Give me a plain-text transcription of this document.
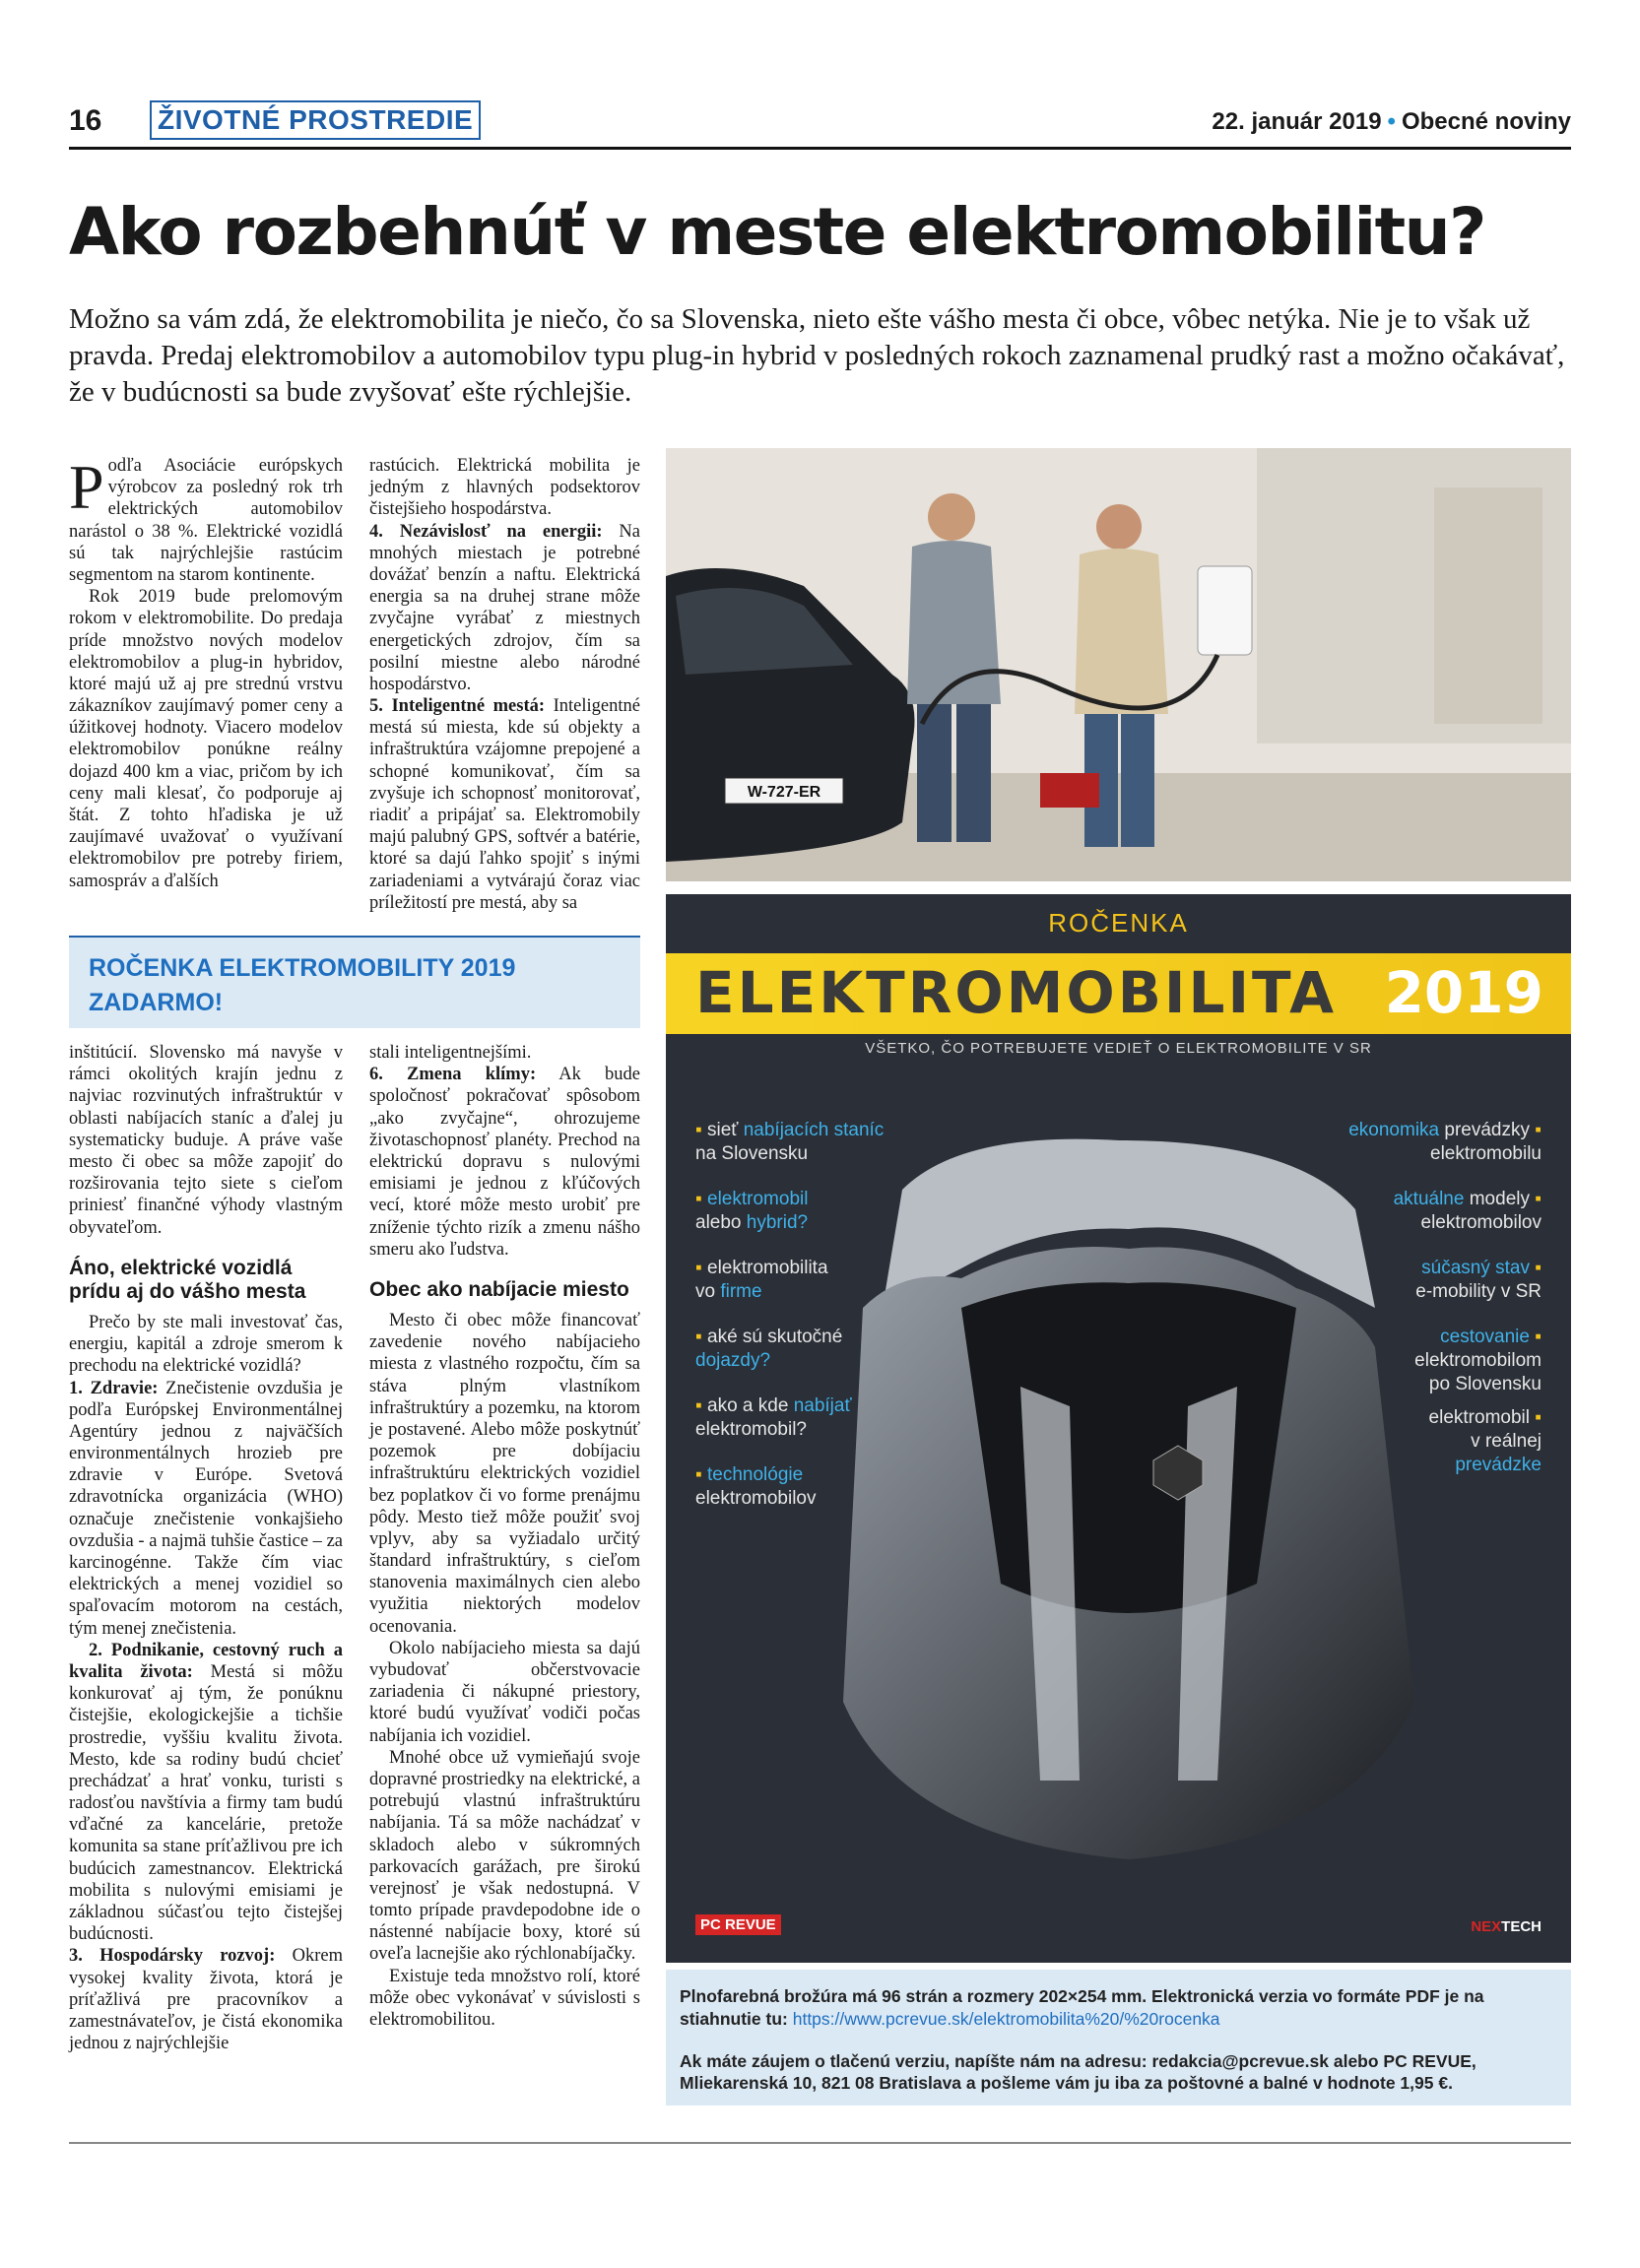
16 ŽIVOTNÉ PROSTREDIE	22. január 2019 • Obecné noviny
Ako rozbehnúť v meste elektromobilitu?

Možno sa vám zdá, že elektromobilita je niečo, čo sa Slovenska, nieto ešte vášho mesta či obce, vôbec netýka. Nie je to však už pravda. Predaj elektromobilov a automobilov typu plug-in hybrid v posledných rokoch zaznamenal prudký rast a možno očakávať, že v budúcnosti sa bude zvyšovať ešte rýchlejšie.

Podľa Asociácie európskych výrobcov za posledný rok trh elektrických automobilov narástol o 38 %. Elektrické vozidlá sú tak najrýchlejšie rastúcim segmentom na starom kontinente.

Rok 2019 bude prelomovým rokom v elektromobilite. Do predaja príde množstvo nových modelov elektromobilov a plug-in hybridov, ktoré majú už aj pre strednú vrstvu zákazníkov zaujímavý pomer ceny a úžitkovej hodnoty. Viacero modelov elektromobilov ponúkne reálny dojazd 400 km a viac, pričom by ich ceny mali klesať, čo podporuje aj štát. Z tohto hľadiska je už zaujímavé uvažovať o využívaní elektromobilov pre potreby firiem, samospráv a ďalších

rastúcich. Elektrická mobilita je jedným z hlavných podsektorov čistejšieho hospodárstva.

4. Nezávislosť na energii: Na mnohých miestach je potrebné dovážať benzín a naftu. Elektrická energia sa na druhej strane môže zvyčajne vyrábať z miestnych energetických zdrojov, čím sa posilní miestne alebo národné hospodárstvo.

5. Inteligentné mestá: Inteligentné mestá sú miesta, kde sú objekty a infraštruktúra vzájomne prepojené a schopné komunikovať, čím sa zvyšuje ich schopnosť monitorovať, riadiť a pripájať sa. Elektromobily majú palubný GPS, softvér a batérie, ktoré sa dajú ľahko spojiť s inými zariadeniami a vytvárajú čoraz viac príležitostí pre mestá, aby sa

ROČENKA ELEKTROMOBILITY 2019
ZADARMO!

inštitúcií. Slovensko má navyše v rámci okolitých krajín jednu z najviac rozvinutých infraštruktúr v oblasti nabíjacích staníc a ďalej ju systematicky buduje. A práve vaše mesto či obec sa môže zapojiť do rozširovania tejto siete s cieľom priniesť finančné výhody vlastným obyvateľom.

Áno, elektrické vozidlá prídu aj do vášho mesta

Prečo by ste mali investovať čas, energiu, kapitál a zdroje smerom k prechodu na elektrické vozidlá?

1. Zdravie: Znečistenie ovzdušia je podľa Európskej Environmentálnej Agentúry jednou z najväčších environmentálnych hrozieb pre zdravie v Európe. Svetová zdravotnícka organizácia (WHO) označuje znečistenie vonkajšieho ovzdušia - a najmä tuhšie častice – za karcinogénne. Takže čím viac elektrických a menej vozidiel so spaľovacím motorom na cestách, tým menej znečistenia.

2. Podnikanie, cestovný ruch a kvalita života: Mestá si môžu konkurovať aj tým, že ponúknu čistejšie, ekologickejšie a tichšie prostredie, vyššiu kvalitu života. Mesto, kde sa rodiny budú chcieť prechádzať a hrať vonku, turisti s radosťou navštívia a firmy tam budú vďačné za kancelárie, pretože komunita sa stane príťažlivou pre ich budúcich zamestnancov. Elektrická mobilita s nulovými emisiami je základnou súčasťou tejto čistejšej budúcnosti.

3. Hospodársky rozvoj: Okrem vysokej kvality života, ktorá je príťažlivá pre pracovníkov a zamestnávateľov, je čistá ekonomika jednou z najrýchlejšie

stali inteligentnejšími.

6. Zmena klímy: Ak bude spoločnosť pokračovať spôsobom „ako zvyčajne“, ohrozujeme životaschopnosť planéty. Prechod na elektrickú dopravu s nulovými emisiami je jednou z kľúčových vecí, ktoré môže mesto urobiť pre zníženie týchto rizík a zmenu nášho smeru ako ľudstva.

Obec ako nabíjacie miesto

Mesto či obec môže financovať zavedenie nového nabíjacieho miesta z vlastného rozpočtu, čím sa stáva plným vlastníkom infraštruktúry a pozemku, na ktorom je postavené. Alebo môže poskytnúť pozemok pre dobíjaciu infraštruktúru elektrických vozidiel bez poplatkov či vo forme prenájmu pôdy. Mesto tiež môže použiť svoj vplyv, aby sa vyžiadalo určitý štandard infraštruktúry, s cieľom stanovenia maximálnych cien alebo využitia niektorých modelov ocenovania.

Okolo nabíjacieho miesta sa dajú vybudovať občerstvovacie zariadenia či nákupné priestory, ktoré budú využívať vodiči počas nabíjania ich vozidiel.

Mnohé obce už vymieňajú svoje dopravné prostriedky na elektrické, a potrebujú vlastnú infraštruktúru nabíjania. Tá sa môže nachádzať v skladoch alebo v súkromných parkovacích garážach, pre širokú verejnosť je však nedostupná. V tomto prípade pravdepodobne ide o nástenné nabíjacie boxy, ktoré sú oveľa lacnejšie ako rýchlonabíjačky.

Existuje teda množstvo rolí, ktoré môže obec vykonávať v súvislosti s elektromobilitou.

W-727-ER
ROČENKA
ELEKTROMOBILITA 2019
VŠETKO, ČO POTREBUJETE VEDIEŤ O ELEKTROMOBILITE V SR
▪ sieť nabíjacích staníc
na Slovensku
▪ elektromobil
alebo hybrid?
▪ elektromobilita
vo firme
▪ aké sú skutočné
dojazdy?
▪ ako a kde nabíjať
elektromobil?
▪ technológie
elektromobilov
ekonomika prevádzky ▪
elektromobilu
aktuálne modely ▪
elektromobilov
súčasný stav ▪
e-mobility v SR
cestovanie ▪
elektromobilom
po Slovensku
elektromobil ▪
v reálnej
prevádzke
PC REVUE	NEXTECH

Plnofarebná brožúra má 96 strán a rozmery 202×254 mm. Elektronická verzia vo formáte PDF je na stiahnutie tu: https://www.pcrevue.sk/elektromobilita%20/%20rocenka

Ak máte záujem o tlačenú verziu, napíšte nám na adresu: redakcia@pcrevue.sk alebo PC REVUE, Mliekarenská 10, 821 08 Bratislava a pošleme vám ju iba za poštovné a balné v hodnote 1,95 €.
